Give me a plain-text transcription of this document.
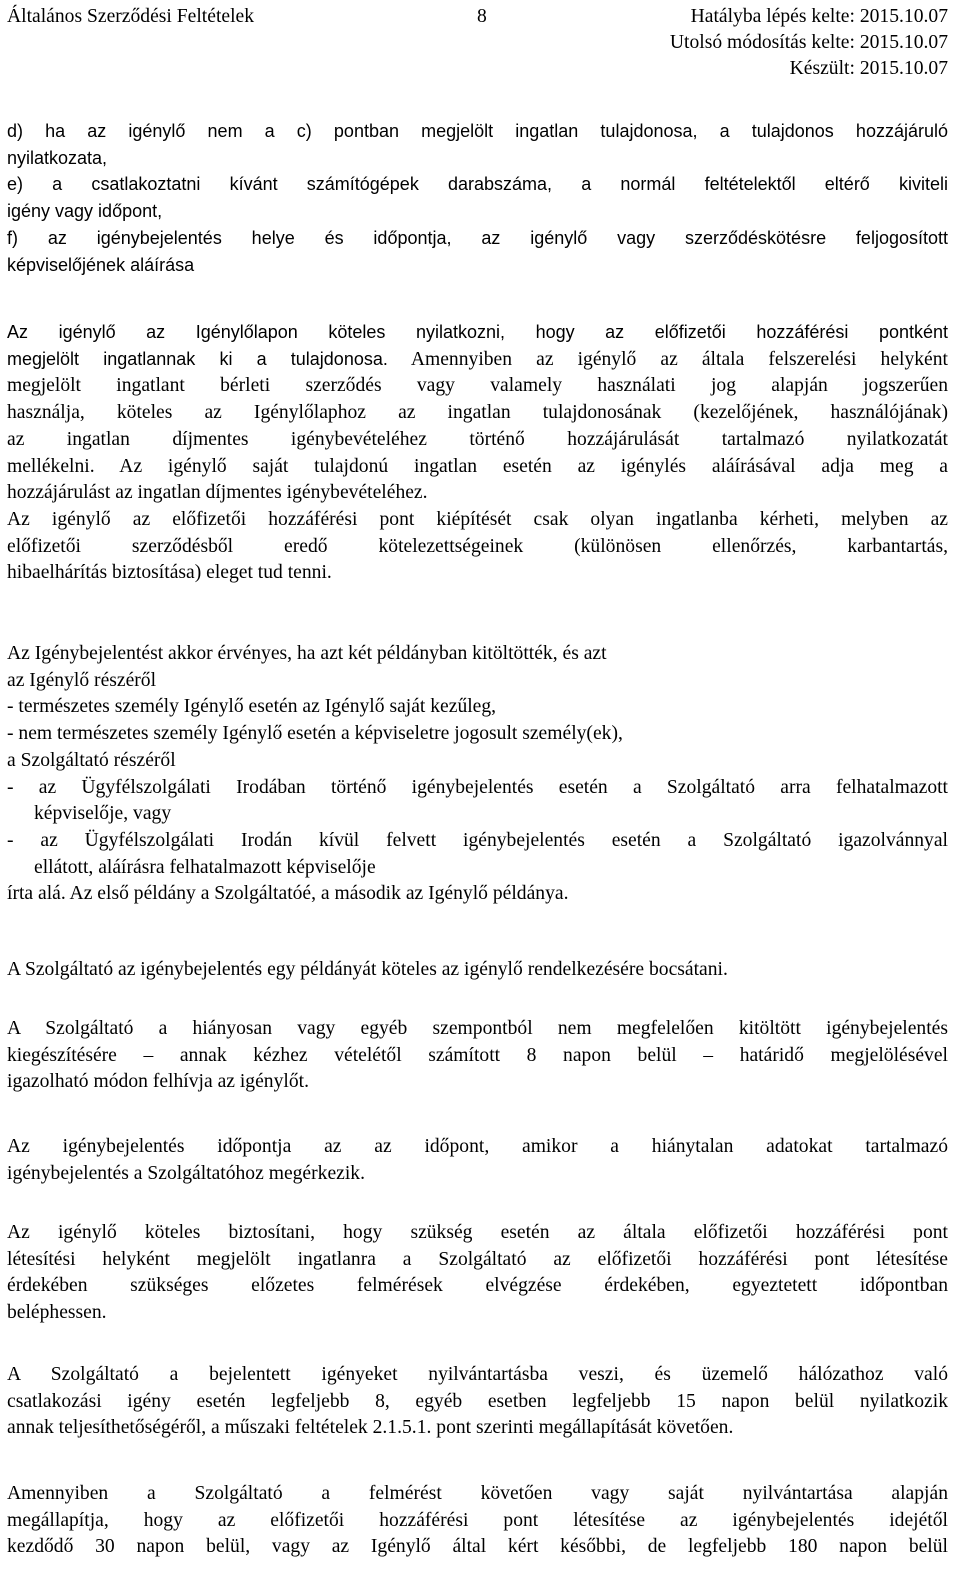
Általános Szerződési Feltételek	8	Hatályba lépés kelte: 2015.10.07
Utolsó módosítás kelte: 2015.10.07
Készült: 2015.10.07
d) ha az igénylő nem a c) pontban megjelölt ingatlan tulajdonosa, a tulajdonos hozzájáruló
nyilatkozata,
e) a csatlakoztatni kívánt számítógépek darabszáma, a normál feltételektől eltérő kiviteli
igény vagy időpont,
f) az igénybejelentés helye és időpontja, az igénylő vagy szerződéskötésre feljogosított
képviselőjének aláírása
Az igénylő az Igénylőlapon köteles nyilatkozni, hogy az előfizetői hozzáférési pontként
megjelölt ingatlannak ki a tulajdonosa. Amennyiben az igénylő az általa felszerelési helyként
megjelölt ingatlant bérleti szerződés vagy valamely használati jog alapján jogszerűen
használja, köteles az Igénylőlaphoz az ingatlan tulajdonosának (kezelőjének, használójának)
az ingatlan díjmentes igénybevételéhez történő hozzájárulását tartalmazó nyilatkozatát
mellékelni. Az igénylő saját tulajdonú ingatlan esetén az igénylés aláírásával adja meg a
hozzájárulást az ingatlan díjmentes igénybevételéhez.
Az igénylő az előfizetői hozzáférési pont kiépítését csak olyan ingatlanba kérheti, melyben az
előfizetői szerződésből eredő kötelezettségeinek (különösen ellenőrzés, karbantartás,
hibaelhárítás biztosítása) eleget tud tenni.
Az Igénybejelentést akkor érvényes, ha azt két példányban kitöltötték, és azt
az Igénylő részéről
- természetes személy Igénylő esetén az Igénylő saját kezűleg,
- nem természetes személy Igénylő esetén a képviseletre jogosult személy(ek),
a Szolgáltató részéről
- az Ügyfélszolgálati Irodában történő igénybejelentés esetén a Szolgáltató arra felhatalmazott
képviselője, vagy
- az Ügyfélszolgálati Irodán kívül felvett igénybejelentés esetén a Szolgáltató igazolvánnyal
ellátott, aláírásra felhatalmazott képviselője
írta alá. Az első példány a Szolgáltatóé, a második az Igénylő példánya.
A Szolgáltató az igénybejelentés egy példányát köteles az igénylő rendelkezésére bocsátani.
A Szolgáltató a hiányosan vagy egyéb szempontból nem megfelelően kitöltött igénybejelentés
kiegészítésére – annak kézhez vételétől számított 8 napon belül – határidő megjelölésével
igazolható módon felhívja az igénylőt.
Az igénybejelentés időpontja az az időpont, amikor a hiánytalan adatokat tartalmazó
igénybejelentés a Szolgáltatóhoz megérkezik.
Az igénylő köteles biztosítani, hogy szükség esetén az általa előfizetői hozzáférési pont
létesítési helyként megjelölt ingatlanra a Szolgáltató az előfizetői hozzáférési pont létesítése
érdekében szükséges előzetes felmérések elvégzése érdekében, egyeztetett időpontban
beléphessen.
A Szolgáltató a bejelentett igényeket nyilvántartásba veszi, és üzemelő hálózathoz való
csatlakozási igény esetén legfeljebb 8, egyéb esetben legfeljebb 15 napon belül nyilatkozik
annak teljesíthetőségéről, a műszaki feltételek 2.1.5.1. pont szerinti megállapítását követően.
Amennyiben a Szolgáltató a felmérést követően vagy saját nyilvántartása alapján
megállapítja, hogy az előfizetői hozzáférési pont létesítése az igénybejelentés idejétől
kezdődő 30 napon belül, vagy az Igénylő által kért későbbi, de legfeljebb 180 napon belül
